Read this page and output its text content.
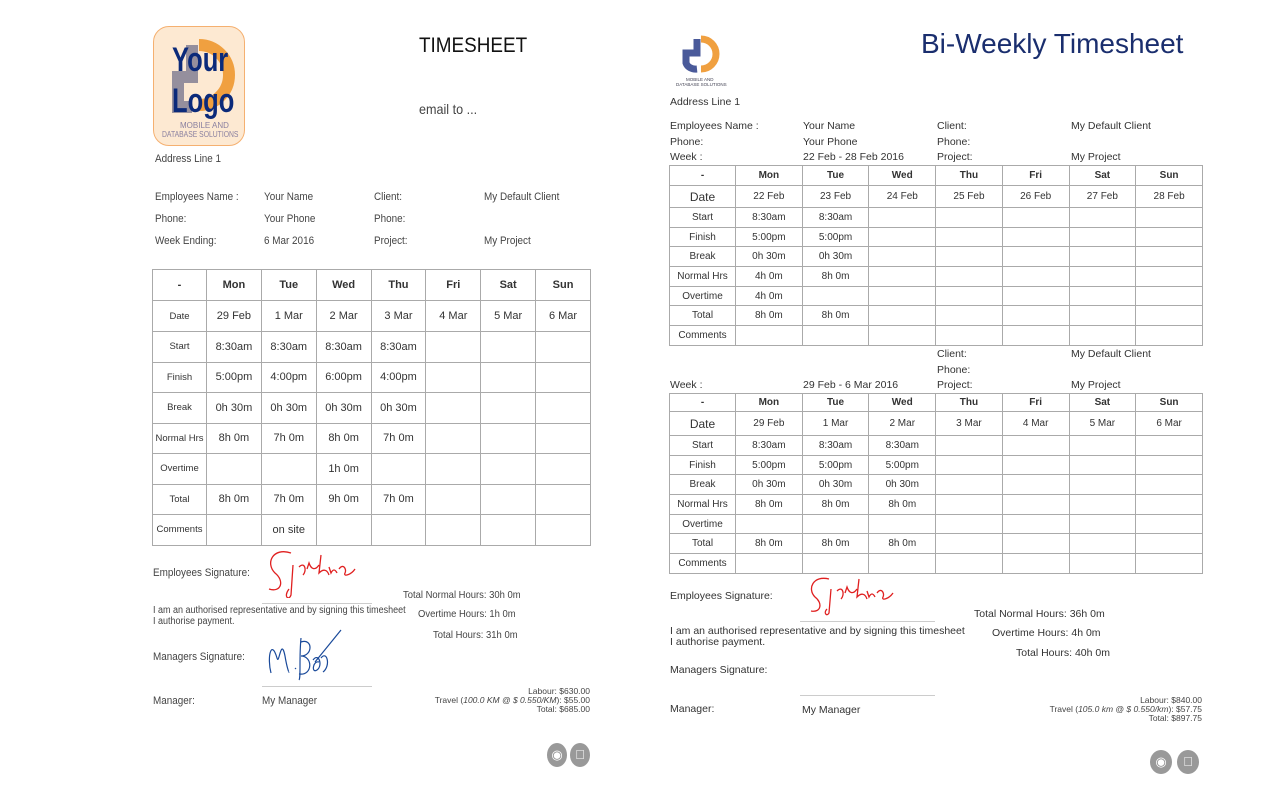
Your
Logo
MOBILE AND
DATABASE SOLUTIONS
TIMESHEET
email to ...
Address Line 1
Employees Name : Your Name	Client:	My Default Client
Phone:	Your Phone	Phone:
Week Ending:	6 Mar 2016	Project:	My Project
-	Mon	Tue	Wed	Thu	Fri	Sat	Sun
Date	29 Feb	1 Mar	2 Mar	3 Mar	4 Mar	5 Mar	6 Mar
Start	8:30am	8:30am	8:30am	8:30am			
Finish	5:00pm	4:00pm	6:00pm	4:00pm			
Break	0h 30m	0h 30m	0h 30m	0h 30m			
Normal Hrs	8h 0m	7h 0m	8h 0m	7h 0m			
Overtime			1h 0m				
Total	8h 0m	7h 0m	9h 0m	7h 0m			
Comments		on site					
Employees Signature:
I am an authorised representative and by signing this timesheet
I authorise payment.
Managers Signature:
Manager:	My Manager
Total Normal Hours: 30h 0m
Overtime Hours: 1h 0m
Total Hours: 31h 0m
Labour: $630.00
Travel (100.0 KM @ $ 0.550/KM): $55.00
Total: $685.00
◉
MOBILE AND
DATABASE SOLUTIONS
Bi-Weekly Timesheet
Address Line 1
Employees Name :	Your Name	Client:	My Default Client
Phone:	Your Phone	Phone:
Week :	22 Feb - 28 Feb 2016	Project:	My Project
-	Mon	Tue	Wed	Thu	Fri	Sat	Sun
Date	22 Feb	23 Feb	24 Feb	25 Feb	26 Feb	27 Feb	28 Feb
Start	8:30am	8:30am					
Finish	5:00pm	5:00pm					
Break	0h 30m	0h 30m					
Normal Hrs	4h 0m	8h 0m					
Overtime	4h 0m						
Total	8h 0m	8h 0m					
Comments							
Client:	My Default Client
Phone:
Week :	29 Feb - 6 Mar 2016	Project:	My Project
-	Mon	Tue	Wed	Thu	Fri	Sat	Sun
Date	29 Feb	1 Mar	2 Mar	3 Mar	4 Mar	5 Mar	6 Mar
Start	8:30am	8:30am	8:30am				
Finish	5:00pm	5:00pm	5:00pm				
Break	0h 30m	0h 30m	0h 30m				
Normal Hrs	8h 0m	8h 0m	8h 0m				
Overtime							
Total	8h 0m	8h 0m	8h 0m				
Comments							
Employees Signature:
I am an authorised representative and by signing this timesheet
I authorise payment.
Managers Signature:
Manager:	My Manager
Total Normal Hours: 36h 0m
Overtime Hours: 4h 0m
Total Hours: 40h 0m
Labour: $840.00
Travel (105.0 km @ $ 0.550/km): $57.75
Total: $897.75
◉
